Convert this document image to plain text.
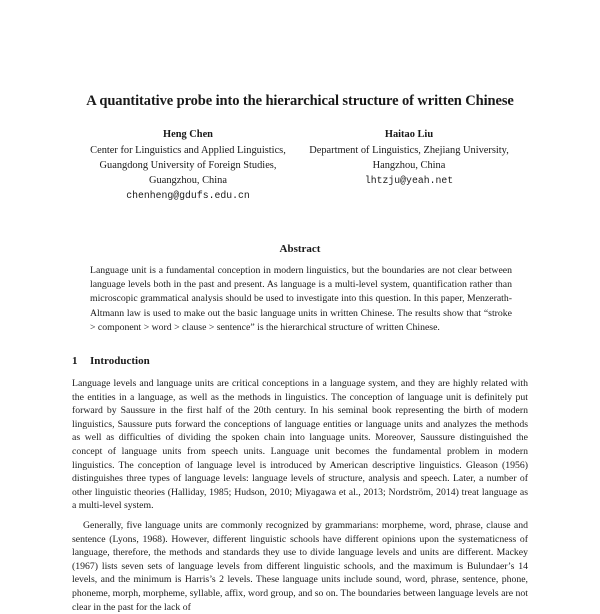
A quantitative probe into the hierarchical structure of written Chinese
Heng Chen
Center for Linguistics and Applied Linguistics, Guangdong University of Foreign Studies, Guangzhou, China
chenheng@gdufs.edu.cn
Haitao Liu
Department of Linguistics, Zhejiang University, Hangzhou, China
lhtzju@yeah.net
Abstract
Language unit is a fundamental conception in modern linguistics, but the boundaries are not clear between language levels both in the past and present. As language is a multi-level system, quantification rather than microscopic grammatical analysis should be used to investigate into this question. In this paper, Menzerath-Altmann law is used to make out the basic language units in written Chinese. The results show that “stroke > component > word > clause > sentence” is the hierarchical structure of written Chinese.
1 Introduction
Language levels and language units are critical conceptions in a language system, and they are highly related with the entities in a language, as well as the methods in linguistics. The conception of language unit is definitely put forward by Saussure in the first half of the 20th century. In his seminal book representing the birth of modern linguistics, Saussure puts forward the conceptions of language entities or language units and analyzes the methods as well as difficulties of dividing the spoken chain into language units. Moreover, Saussure distinguished the concept of language units from speech units. Language unit becomes the fundamental problem in modern linguistics. The conception of language level is introduced by American descriptive linguistics. Gleason (1956) distinguishes three types of language levels: language levels of structure, analysis and speech. Later, a number of other linguistic theories (Halliday, 1985; Hudson, 2010; Miyagawa et al., 2013; Nordström, 2014) treat language as a multi-level system.
Generally, five language units are commonly recognized by grammarians: morpheme, word, phrase, clause and sentence (Lyons, 1968). However, different linguistic schools have different opinions upon the systematicness of language, therefore, the methods and standards they use to divide language levels and units are different. Mackey (1967) lists seven sets of language levels from different linguistic schools, and the maximum is Bulundaer’s 14 levels, and the minimum is Harris’s 2 levels. These language units include sound, word, phrase, sentence, phone, phoneme, morph, morpheme, syllable, affix, word group, and so on. The boundaries between language levels are not clear in the past for the lack of
